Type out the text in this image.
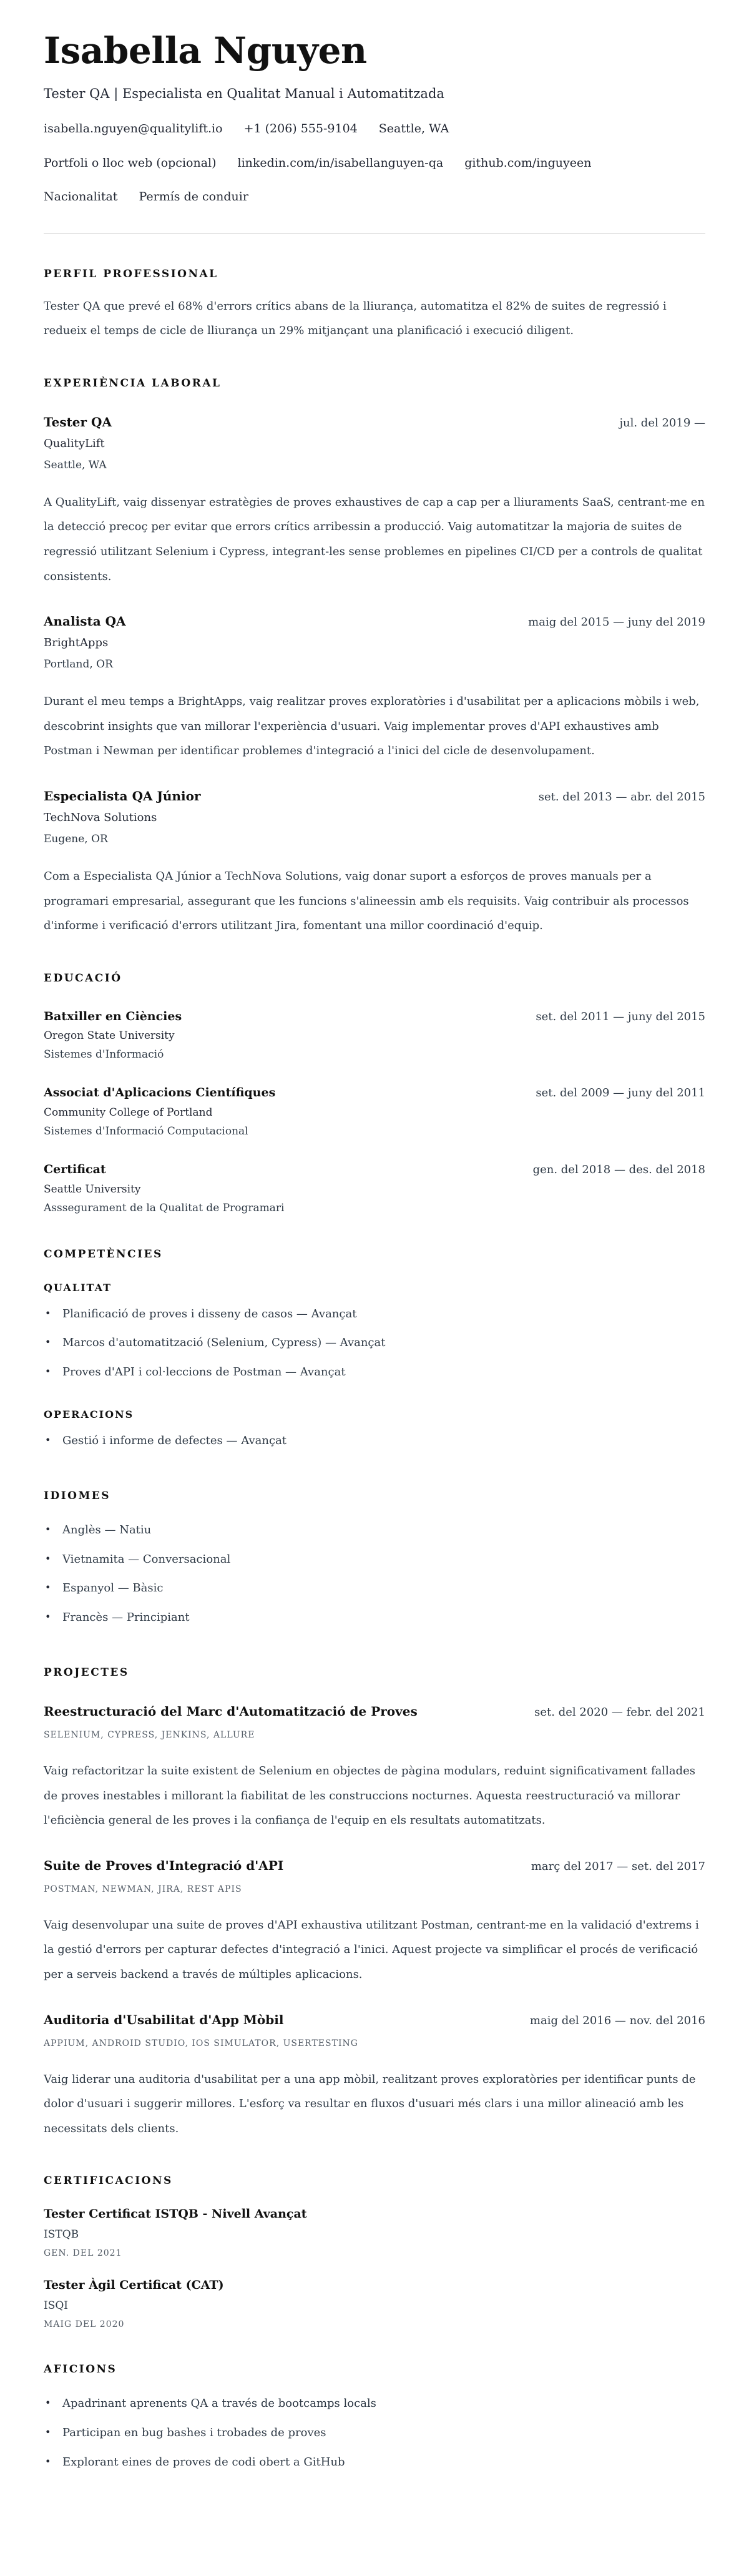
Isabella Nguyen
Tester QA | Especialista en Qualitat Manual i Automatitzada
isabella.nguyen@qualitylift.io +1 (206) 555-9104 Seattle, WA
Portfoli o lloc web (opcional) linkedin.com/in/isabellanguyen-qa github.com/inguyeen
Nacionalitat Permís de conduir
PERFIL PROFESSIONAL

Tester QA que prevé el 68% d'errors crítics abans de la lliurança, automatitza el 82% de suites de regressió i redueix el temps de cicle de lliurança un 29% mitjançant una planificació i execució diligent.

EXPERIÈNCIA LABORAL
Tester QA	jul. del 2019 —
QualityLift
Seattle, WA

A QualityLift, vaig dissenyar estratègies de proves exhaustives de cap a cap per a lliuraments SaaS, centrant-me en la detecció precoç per evitar que errors crítics arribessin a producció. Vaig automatitzar la majoria de suites de regressió utilitzant Selenium i Cypress, integrant-les sense problemes en pipelines CI/CD per a controls de qualitat consistents.

Analista QA	maig del 2015 — juny del 2019
BrightApps
Portland, OR

Durant el meu temps a BrightApps, vaig realitzar proves exploratòries i d'usabilitat per a aplicacions mòbils i web, descobrint insights que van millorar l'experiència d'usuari. Vaig implementar proves d'API exhaustives amb Postman i Newman per identificar problemes d'integració a l'inici del cicle de desenvolupament.

Especialista QA Júnior	set. del 2013 — abr. del 2015
TechNova Solutions
Eugene, OR

Com a Especialista QA Júnior a TechNova Solutions, vaig donar suport a esforços de proves manuals per a programari empresarial, assegurant que les funcions s'alineessin amb els requisits. Vaig contribuir als processos d'informe i verificació d'errors utilitzant Jira, fomentant una millor coordinació d'equip.

EDUCACIÓ
Batxiller en Ciències	set. del 2011 — juny del 2015
Oregon State University
Sistemes d'Informació
Associat d'Aplicacions Científiques	set. del 2009 — juny del 2011
Community College of Portland
Sistemes d'Informació Computacional
Certificat	gen. del 2018 — des. del 2018
Seattle University
Asssegurament de la Qualitat de Programari
COMPETÈNCIES
QUALITAT
• Planificació de proves i disseny de casos — Avançat
• Marcos d'automatització (Selenium, Cypress) — Avançat
• Proves d'API i col·leccions de Postman — Avançat
OPERACIONS
• Gestió i informe de defectes — Avançat
IDIOMES
• Anglès — Natiu
• Vietnamita — Conversacional
• Espanyol — Bàsic
• Francès — Principiant
PROJECTES
Reestructuració del Marc d'Automatització de Proves	set. del 2020 — febr. del 2021
SELENIUM, CYPRESS, JENKINS, ALLURE

Vaig refactoritzar la suite existent de Selenium en objectes de pàgina modulars, reduint significativament fallades de proves inestables i millorant la fiabilitat de les construccions nocturnes. Aquesta reestructuració va millorar l'eficiència general de les proves i la confiança de l'equip en els resultats automatitzats.

Suite de Proves d'Integració d'API	març del 2017 — set. del 2017
POSTMAN, NEWMAN, JIRA, REST APIS

Vaig desenvolupar una suite de proves d'API exhaustiva utilitzant Postman, centrant-me en la validació d'extrems i la gestió d'errors per capturar defectes d'integració a l'inici. Aquest projecte va simplificar el procés de verificació per a serveis backend a través de múltiples aplicacions.

Auditoria d'Usabilitat d'App Mòbil	maig del 2016 — nov. del 2016
APPIUM, ANDROID STUDIO, IOS SIMULATOR, USERTESTING

Vaig liderar una auditoria d'usabilitat per a una app mòbil, realitzant proves exploratòries per identificar punts de dolor d'usuari i suggerir millores. L'esforç va resultar en fluxos d'usuari més clars i una millor alineació amb les necessitats dels clients.

CERTIFICACIONS
Tester Certificat ISTQB - Nivell Avançat
ISTQB
GEN. DEL 2021
Tester Àgil Certificat (CAT)
ISQI
MAIG DEL 2020
AFICIONS
• Apadrinant aprenents QA a través de bootcamps locals
• Participan en bug bashes i trobades de proves
• Explorant eines de proves de codi obert a GitHub
